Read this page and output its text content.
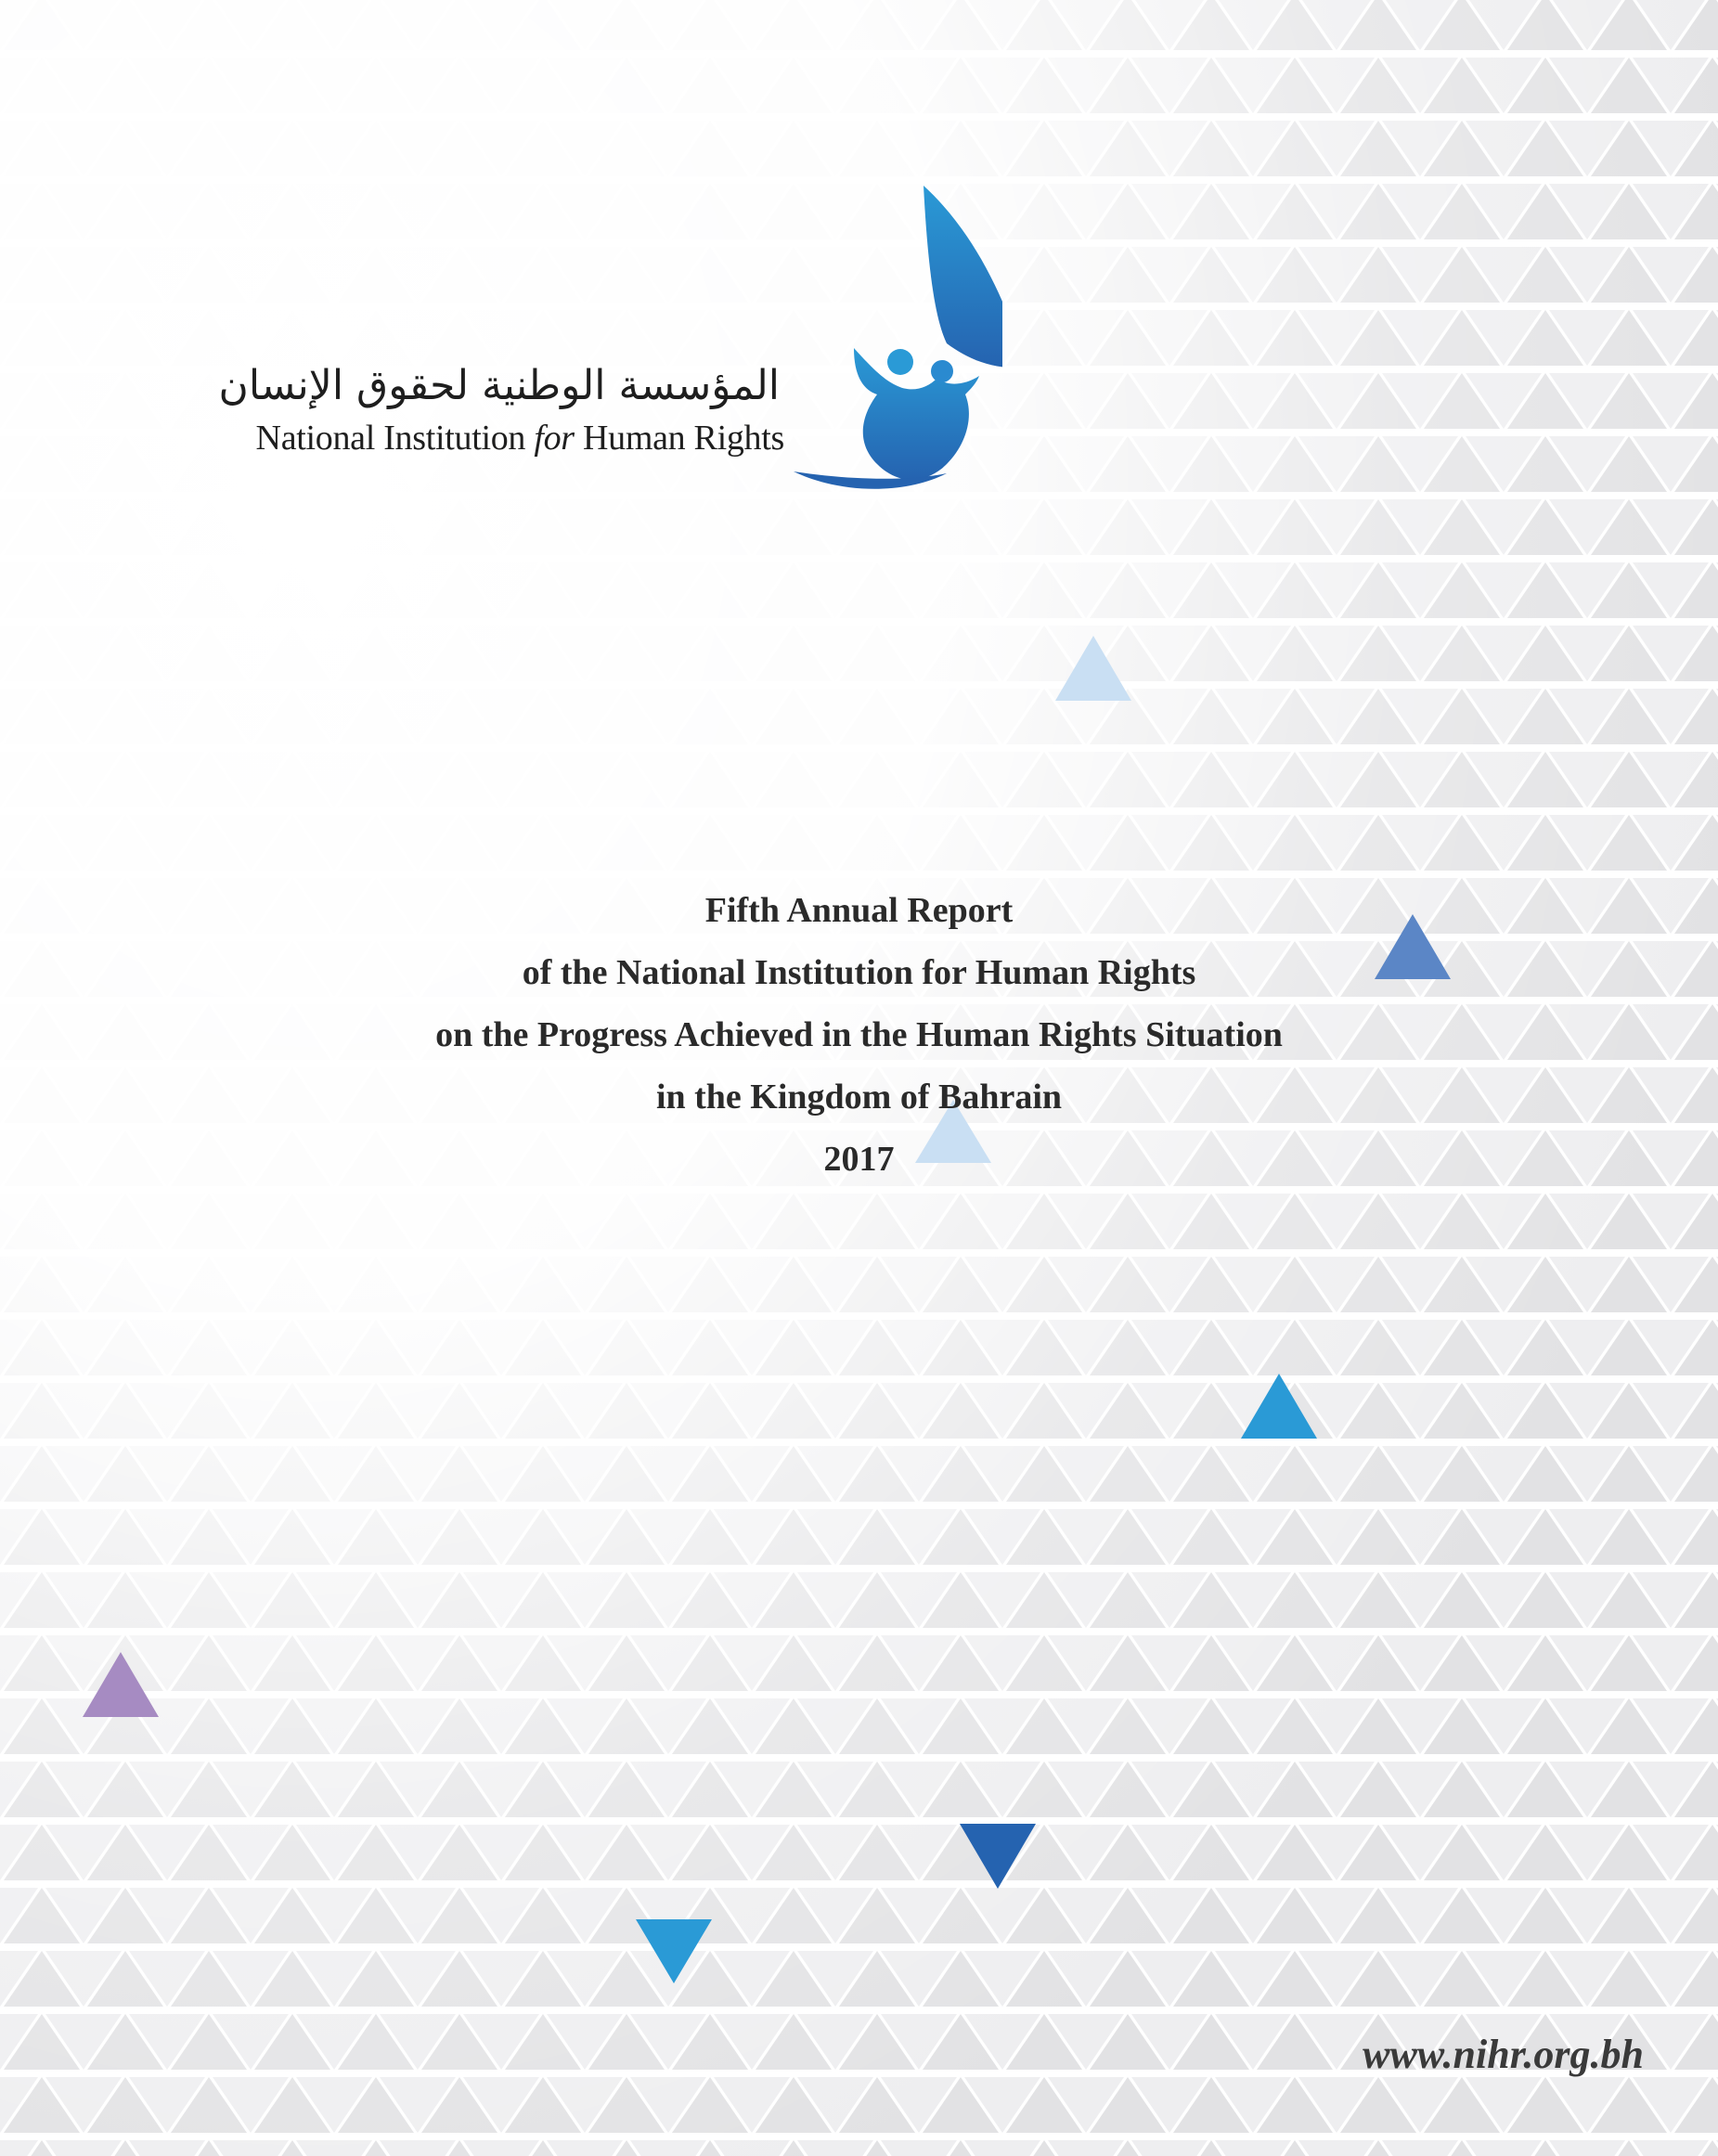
المؤسسة الوطنية لحقوق الإنسان
National Institution for Human Rights
Fifth Annual Report
of the National Institution for Human Rights
on the Progress Achieved in the Human Rights Situation
in the Kingdom of Bahrain
2017
www.nihr.org.bh
